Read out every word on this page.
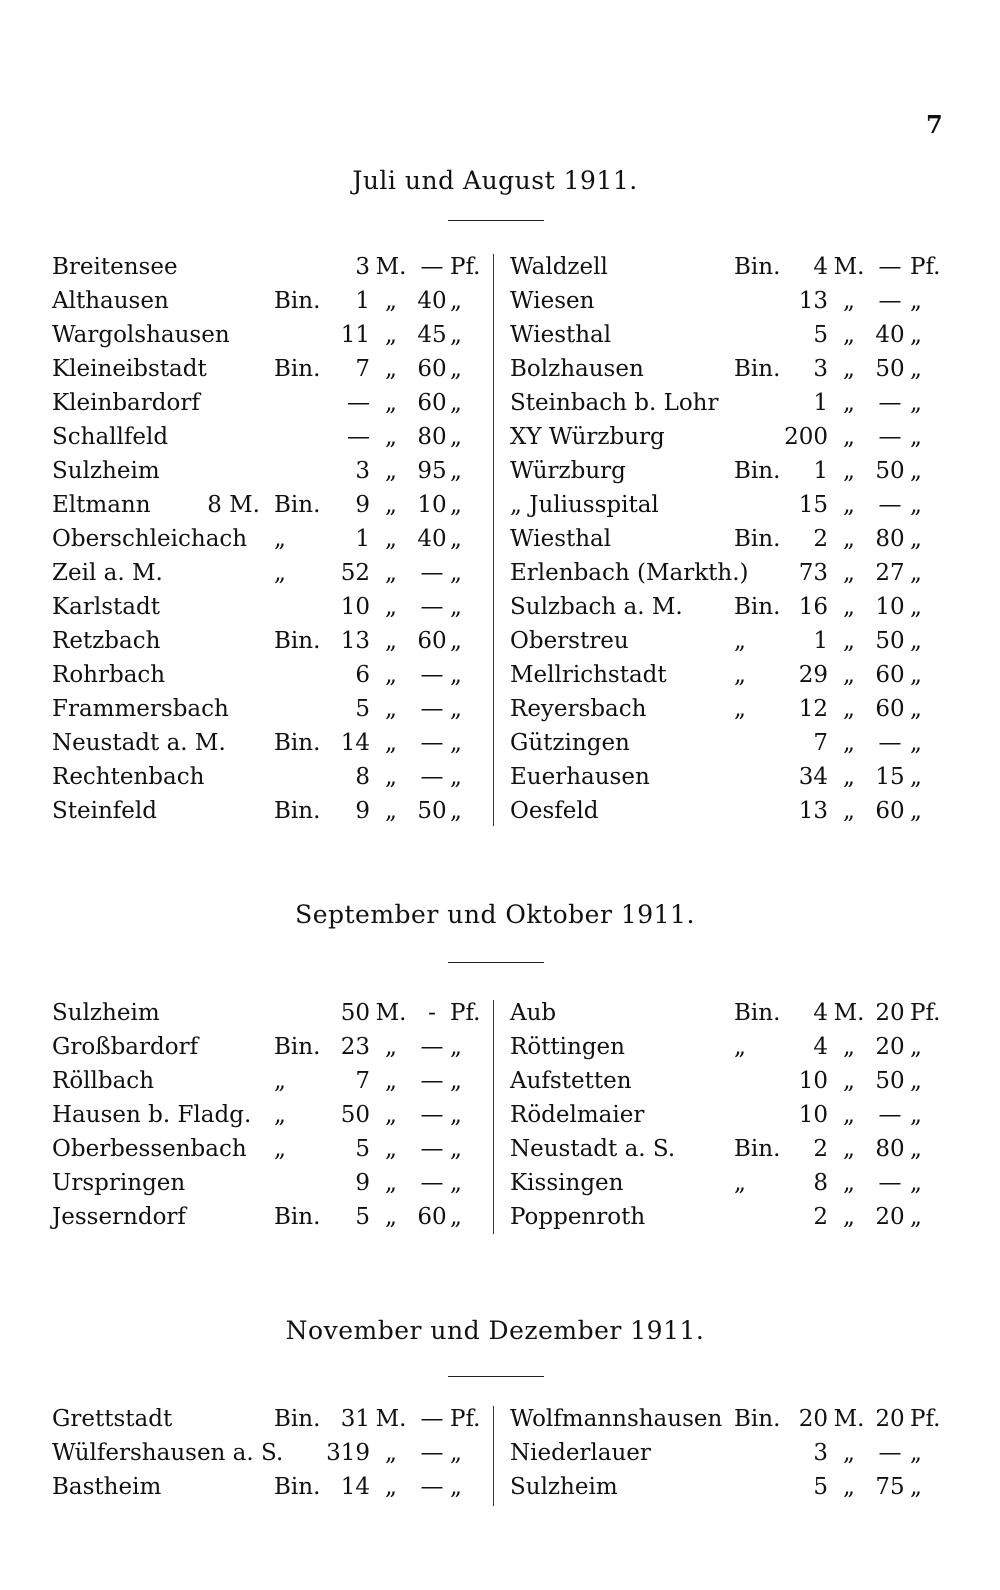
7
Juli und August 1911.
Breitensee	3 M. — Pf.
Althausen	Bin.	1 „ 40 „
Wargolshausen	11 „ 45 „
Kleineibstadt	Bin.	7 „ 60 „
Kleinbardorf	— „ 60 „
Schallfeld	— „ 80 „
Sulzheim	3 „ 95 „
Eltmann	8 M. Bin.	9 „ 10 „
Oberschleichach „	1 „ 40 „
Zeil a. M.	„	52 „	— „
Karlstadt	10 „	— „
Retzbach	Bin. 13 „ 60 „
Rohrbach	6 „	— „
Frammersbach	5 „	— „
Neustadt a. M. Bin. 14 „	— „
Rechtenbach	8 „	— „
Steinfeld	Bin.	9 „ 50 „
Waldzell	Bin.	4 M. — Pf.
Wiesen	13 „	— „
Wiesthal	5 „ 40 „
Bolzhausen	Bin.	3 „ 50 „
Steinbach b. Lohr	1 „	— „
XY Würzburg	200 „	— „
Würzburg	Bin.	1 „ 50 „
„ Juliusspital	15 „	— „
Wiesthal	Bin.	2 „ 80 „
Erlenbach (Markth.)	73 „ 27 „
Sulzbach a. M. Bin. 16 „ 10 „
Oberstreu	„	1 „ 50 „
Mellrichstadt	„	29 „ 60 „
Reyersbach	„	12 „ 60 „
Gützingen	7 „	— „
Euerhausen	34 „ 15 „
Oesfeld	13 „ 60 „
September und Oktober 1911.
Sulzheim	50 M. - Pf.
Großbardorf	Bin. 23 „	— „
Röllbach	„	7 „	— „
Hausen b. Fladg. „	50 „	— „
Oberbessenbach „	5 „	— „
Urspringen	9 „	— „
Jesserndorf	Bin.	5 „ 60 „
Aub	Bin.	4 M. 20 Pf.
Röttingen	„	4 „ 20 „
Aufstetten	10 „ 50 „
Rödelmaier	10 „	— „
Neustadt a. S.	Bin.	2 „ 80 „
Kissingen	„	8 „	— „
Poppenroth	2 „ 20 „
November und Dezember 1911.
Grettstadt	Bin. 31 M. — Pf.
Wülfershausen a. S. 319 „	— „
Bastheim	Bin. 14 „	— „
Wolfmannshausen Bin. 20 M. 20 Pf.
Niederlauer	3 „	— „
Sulzheim	5 „ 75 „
